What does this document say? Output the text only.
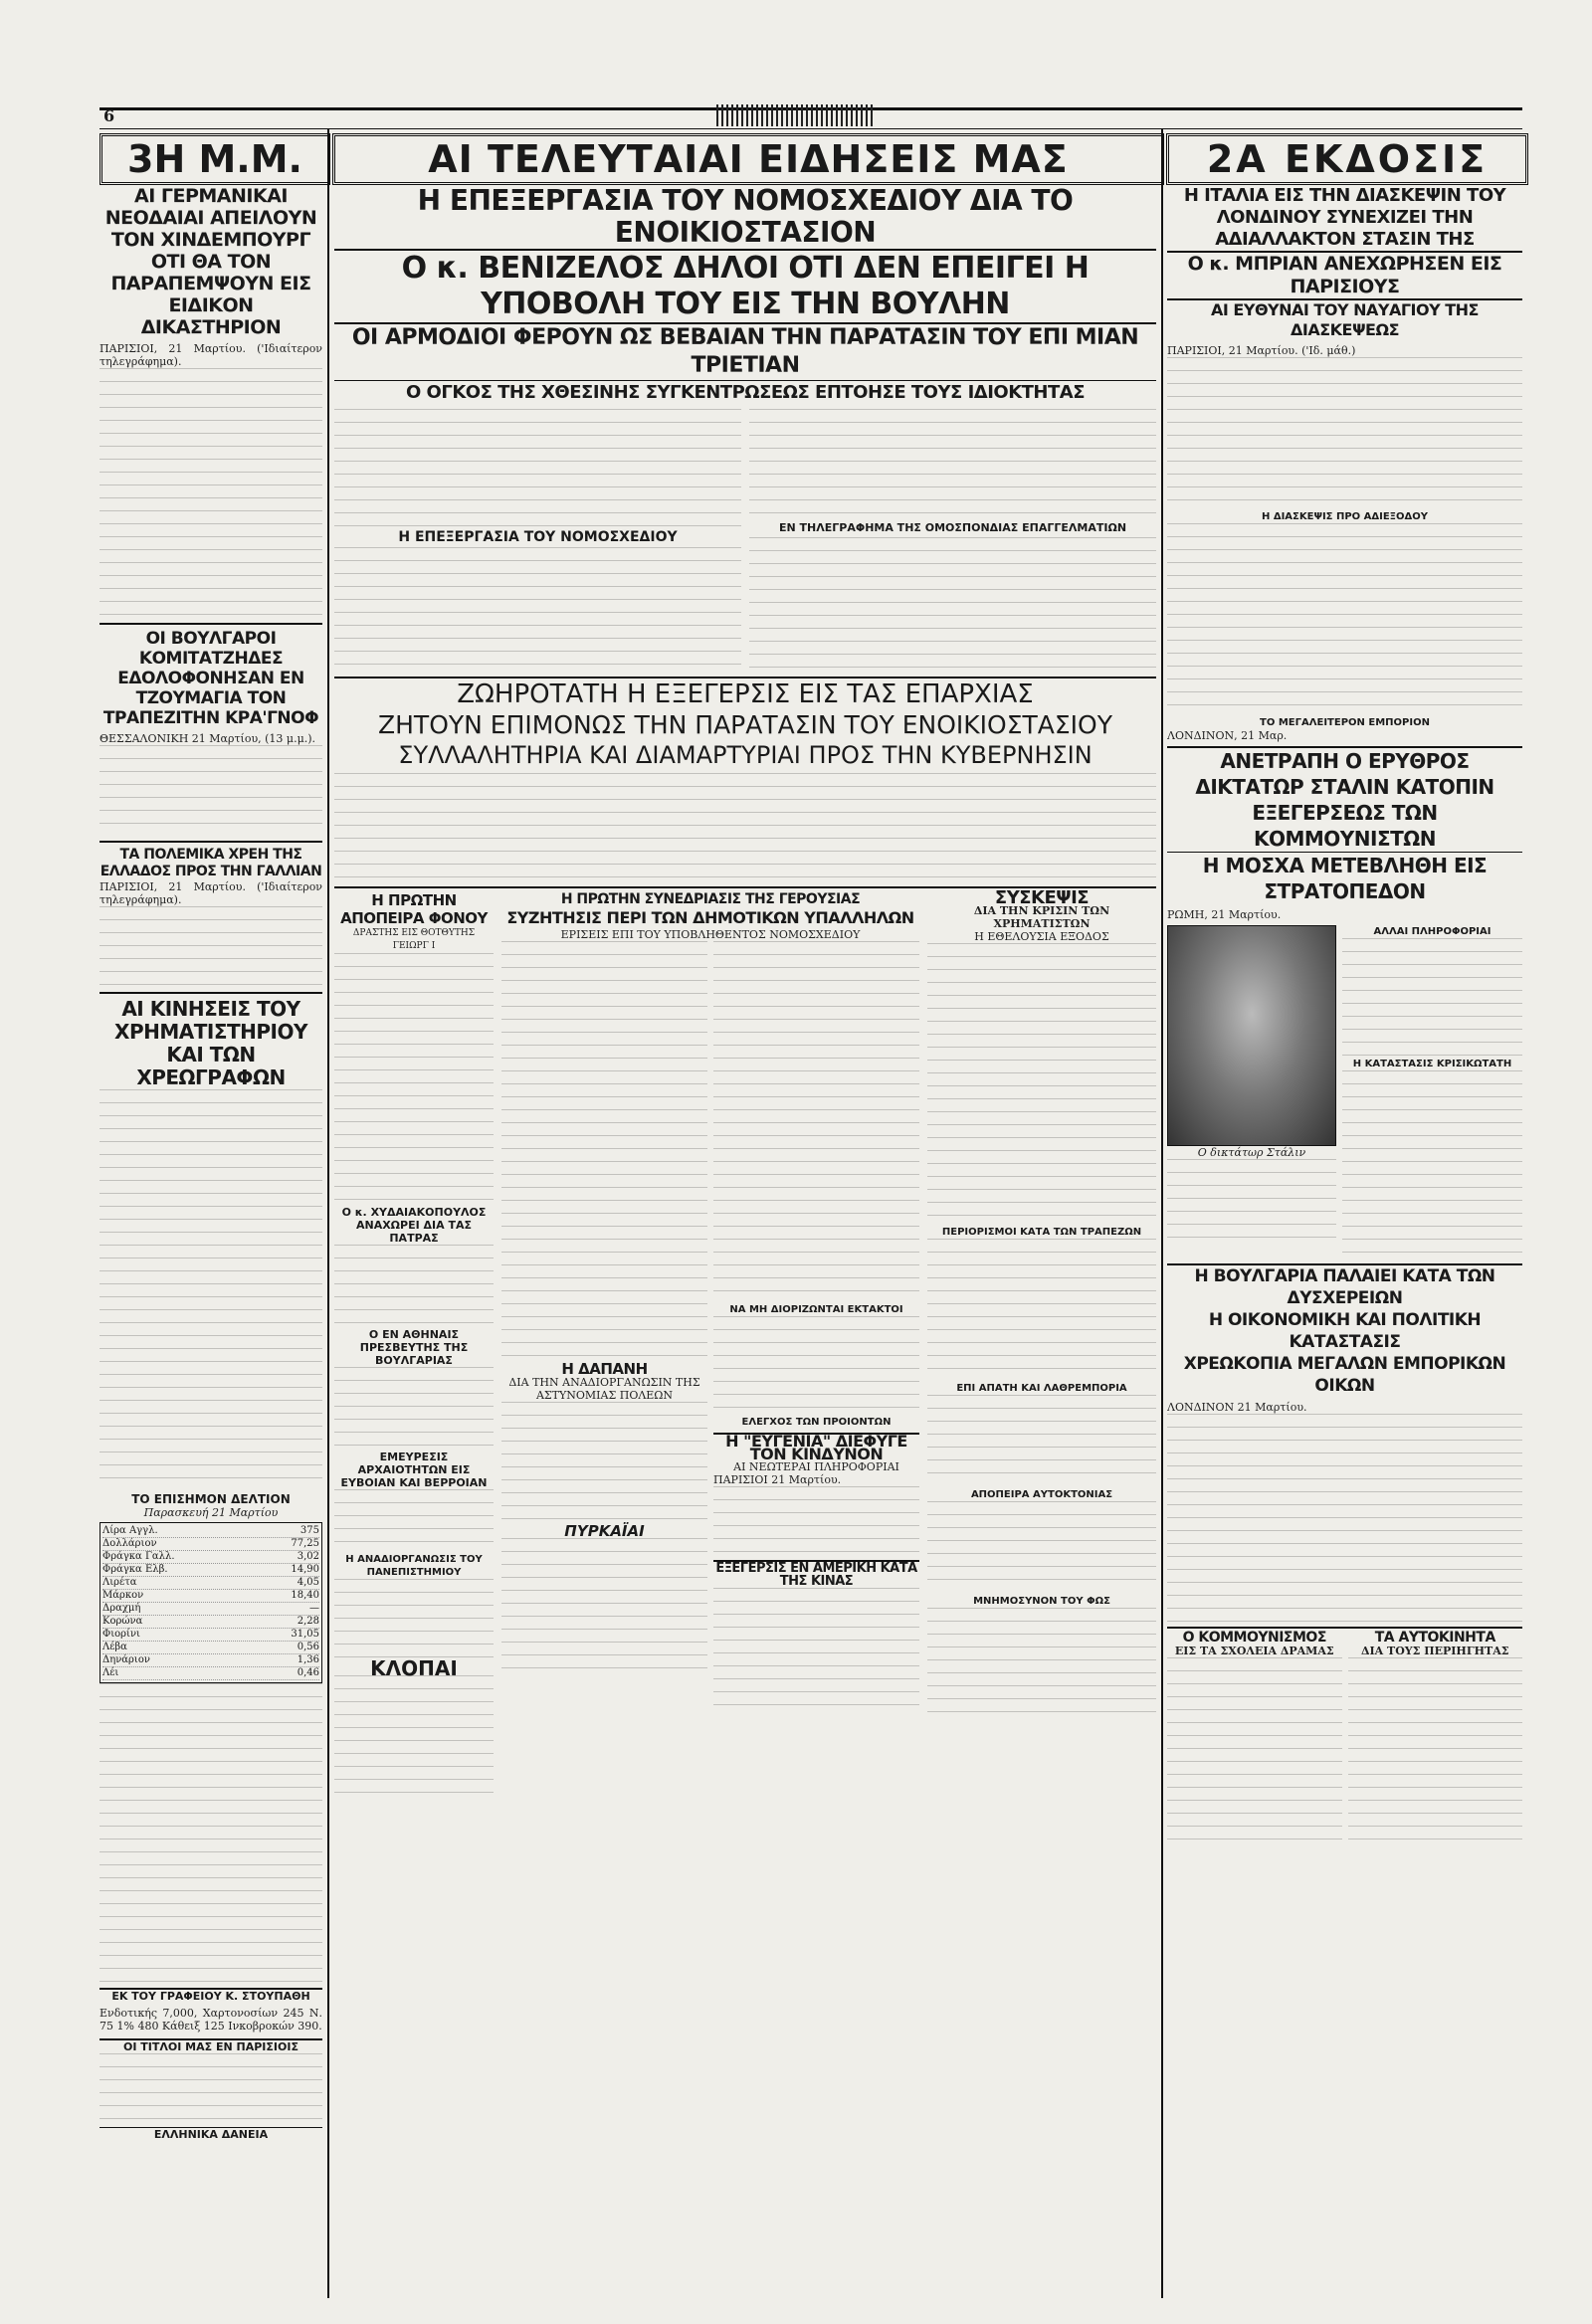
6
3Η Μ.Μ.	ΑΙ ΤΕΛΕΥΤΑΙΑΙ ΕΙΔΗΣΕΙΣ ΜΑΣ	2Α ΕΚΔΟΣΙΣ
ΑΙ ΓΕΡΜΑΝΙΚΑΙ ΝΕΟΔΑΙΑΙ ΑΠΕΙΛΟΥΝ ΤΟΝ ΧΙΝΔΕΜΠΟΥΡΓ ΟΤΙ ΘΑ ΤΟΝ ΠΑΡΑΠΕΜΨΟΥΝ ΕΙΣ ΕΙΔΙΚΟΝ ΔΙΚΑΣΤΗΡΙΟΝ
ΠΑΡΙΣΙΟΙ, 21 Μαρτίου. ('Ιδιαίτερον τηλεγράφημα).
ΟΙ ΒΟΥΛΓΑΡΟΙ ΚΟΜΙΤΑΤΖΗΔΕΣ ΕΔΟΛΟΦΟΝΗΣΑΝ ΕΝ ΤΖΟΥΜΑΓΙΑ ΤΟΝ ΤΡΑΠΕΖΙΤΗΝ ΚΡΑ'ΓΝΟΦ
ΘΕΣΣΑΛΟΝΙΚΗ 21 Μαρτίου, (13 μ.μ.).
ΤΑ ΠΟΛΕΜΙΚΑ ΧΡΕΗ ΤΗΣ ΕΛΛΑΔΟΣ ΠΡΟΣ ΤΗΝ ΓΑΛΛΙΑΝ
ΠΑΡΙΣΙΟΙ, 21 Μαρτίου. ('Ιδιαίτερον τηλεγράφημα).
ΑΙ ΚΙΝΗΣΕΙΣ ΤΟΥ ΧΡΗΜΑΤΙΣΤΗΡΙΟΥ ΚΑΙ ΤΩΝ ΧΡΕΩΓΡΑΦΩΝ
ΤΟ ΕΠΙΣΗΜΟΝ ΔΕΛΤΙΟΝ
Παρασκευή 21 Μαρτίου
Λίρα Αγγλ.	375
Δολλάριον	77,25
Φράγκα Γαλλ.	3,02
Φράγκα Ελβ.	14,90
Λιρέτα	4,05
Μάρκον	18,40
Δραχμή	—
Κορώνα	2,28
Φιορίνι	31,05
Λέβα	0,56
Δηνάριον	1,36
Λέι	0,46
ΕΚ ΤΟΥ ΓΡΑΦΕΙΟΥ Κ. ΣΤΟΥΠΑΘΗ
Ενδοτικής 7,000, Χαρτονοσίων 245 Ν. 75 1% 480 Κάθειξ 125 Ινκοβροκών 390.
ΟΙ ΤΙΤΛΟΙ ΜΑΣ ΕΝ ΠΑΡΙΣΙΟΙΣ
ΕΛΛΗΝΙΚΑ ΔΑΝΕΙΑ
Η ΕΠΕΞΕΡΓΑΣΙΑ ΤΟΥ ΝΟΜΟΣΧΕΔΙΟΥ ΔΙΑ ΤΟ ΕΝΟΙΚΙΟΣΤΑΣΙΟΝ
Ο κ. ΒΕΝΙΖΕΛΟΣ ΔΗΛΟΙ ΟΤΙ ΔΕΝ ΕΠΕΙΓΕΙ Η ΥΠΟΒΟΛΗ ΤΟΥ ΕΙΣ ΤΗΝ ΒΟΥΛΗΝ
ΟΙ ΑΡΜΟΔΙΟΙ ΦΕΡΟΥΝ ΩΣ ΒΕΒΑΙΑΝ ΤΗΝ ΠΑΡΑΤΑΣΙΝ ΤΟΥ ΕΠΙ ΜΙΑΝ ΤΡΙΕΤΙΑΝ
Ο ΟΓΚΟΣ ΤΗΣ ΧΘΕΣΙΝΗΣ ΣΥΓΚΕΝΤΡΩΣΕΩΣ ΕΠΤΟΗΣΕ ΤΟΥΣ ΙΔΙΟΚΤΗΤΑΣ
Η ΕΠΕΞΕΡΓΑΣΙΑ ΤΟΥ ΝΟΜΟΣΧΕΔΙΟΥ
ΕΝ ΤΗΛΕΓΡΑΦΗΜΑ ΤΗΣ ΟΜΟΣΠΟΝΔΙΑΣ ΕΠΑΓΓΕΛΜΑΤΙΩΝ
ΖΩΗΡΟΤΑΤΗ Η ΕΞΕΓΕΡΣΙΣ ΕΙΣ ΤΑΣ ΕΠΑΡΧΙΑΣ
ΖΗΤΟΥΝ ΕΠΙΜΟΝΩΣ ΤΗΝ ΠΑΡΑΤΑΣΙΝ ΤΟΥ ΕΝΟΙΚΙΟΣΤΑΣΙΟΥ
ΣΥΛΛΑΛΗΤΗΡΙΑ ΚΑΙ ΔΙΑΜΑΡΤΥΡΙΑΙ ΠΡΟΣ ΤΗΝ ΚΥΒΕΡΝΗΣΙΝ
Η ΠΡΩΤΗΝ ΑΠΟΠΕΙΡΑ ΦΟΝΟΥ
ΔΡΑΣΤΗΣ ΕΙΣ ΘΟΤΘΥΤΗΣ ΓΕΙΩΡΓ Ι
Ο κ. ΧΥΔΑΙΑΚΟΠΟΥΛΟΣ ΑΝΑΧΩΡΕΙ ΔΙΑ ΤΑΣ ΠΑΤΡΑΣ
Ο ΕΝ ΑΘΗΝΑΙΣ ΠΡΕΣΒΕΥΤΗΣ ΤΗΣ ΒΟΥΛΓΑΡΙΑΣ
ΕΜΕΥΡΕΣΙΣ ΑΡΧΑΙΟΤΗΤΩΝ ΕΙΣ ΕΥΒΟΙΑΝ ΚΑΙ ΒΕΡΡΟΙΑΝ
Η ΑΝΑΔΙΟΡΓΑΝΩΣΙΣ ΤΟΥ ΠΑΝΕΠΙΣΤΗΜΙΟΥ
ΚΛΟΠΑΙ
Η ΠΡΩΤΗΝ ΣΥΝΕΔΡΙΑΣΙΣ ΤΗΣ ΓΕΡΟΥΣΙΑΣ
ΣΥΖΗΤΗΣΙΣ ΠΕΡΙ ΤΩΝ ΔΗΜΟΤΙΚΩΝ ΥΠΑΛΛΗΛΩΝ
ΕΡΙΣΕΙΣ ΕΠΙ ΤΟΥ ΥΠΟΒΛΗΘΕΝΤΟΣ ΝΟΜΟΣΧΕΔΙΟΥ
Η ΔΑΠΑΝΗ
ΔΙΑ ΤΗΝ ΑΝΑΔΙΟΡΓΑΝΩΣΙΝ ΤΗΣ ΑΣΤΥΝΟΜΙΑΣ ΠΟΛΕΩΝ
ΠΥΡΚΑΪΑΙ
ΝΑ ΜΗ ΔΙΟΡΙΖΩΝΤΑΙ ΕΚΤΑΚΤΟΙ
ΕΛΕΓΧΟΣ ΤΩΝ ΠΡΟΙΟΝΤΩΝ
Η "ΕΥΓΕΝΙΑ" ΔΙΕΦΥΓΕ ΤΟΝ ΚΙΝΔΥΝΟΝ
ΑΙ ΝΕΩΤΕΡΑΙ ΠΛΗΡΟΦΟΡΙΑΙ
ΠΑΡΙΣΙΟΙ 21 Μαρτίου.
ΕΞΕΓΕΡΣΙΣ ΕΝ ΑΜΕΡΙΚΗ ΚΑΤΑ ΤΗΣ ΚΙΝΑΣ
ΣΥΣΚΕΨΙΣ
ΔΙΑ ΤΗΝ ΚΡΙΣΙΝ ΤΩΝ ΧΡΗΜΑΤΙΣΤΩΝ
Η ΕΘΕΛΟΥΣΙΑ ΕΞΟΔΟΣ
ΠΕΡΙΟΡΙΣΜΟΙ ΚΑΤΑ ΤΩΝ ΤΡΑΠΕΖΩΝ
ΕΠΙ ΑΠΑΤΗ ΚΑΙ ΛΑΘΡΕΜΠΟΡΙΑ
ΑΠΟΠΕΙΡΑ ΑΥΤΟΚΤΟΝΙΑΣ
ΜΝΗΜΟΣΥΝΟΝ ΤΟΥ ΦΩΣ
Η ΙΤΑΛΙΑ ΕΙΣ ΤΗΝ ΔΙΑΣΚΕΨΙΝ ΤΟΥ ΛΟΝΔΙΝΟΥ ΣΥΝΕΧΙΖΕΙ ΤΗΝ ΑΔΙΑΛΛΑΚΤΟΝ ΣΤΑΣΙΝ ΤΗΣ
Ο κ. ΜΠΡΙΑΝ ΑΝΕΧΩΡΗΣΕΝ ΕΙΣ ΠΑΡΙΣΙΟΥΣ
ΑΙ ΕΥΘΥΝΑΙ ΤΟΥ ΝΑΥΑΓΙΟΥ ΤΗΣ ΔΙΑΣΚΕΨΕΩΣ
ΠΑΡΙΣΙΟΙ, 21 Μαρτίου. ('Ιδ. μάθ.)
Η ΔΙΑΣΚΕΨΙΣ ΠΡΟ ΑΔΙΕΞΟΔΟΥ
ΤΟ ΜΕΓΑΛΕΙΤΕΡΟΝ ΕΜΠΟΡΙΟΝ
ΛΟΝΔΙΝΟΝ, 21 Μαρ.
ΑΝΕΤΡΑΠΗ Ο ΕΡΥΘΡΟΣ ΔΙΚΤΑΤΩΡ ΣΤΑΛΙΝ ΚΑΤΟΠΙΝ ΕΞΕΓΕΡΣΕΩΣ ΤΩΝ ΚΟΜΜΟΥΝΙΣΤΩΝ
Η ΜΟΣΧΑ ΜΕΤΕΒΛΗΘΗ ΕΙΣ ΣΤΡΑΤΟΠΕΔΟΝ
ΡΩΜΗ, 21 Μαρτίου.
Ο δικτάτωρ Στάλιν
ΑΛΛΑΙ ΠΛΗΡΟΦΟΡΙΑΙ
Η ΚΑΤΑΣΤΑΣΙΣ ΚΡΙΣΙΚΩΤΑΤΗ
Η ΒΟΥΛΓΑΡΙΑ ΠΑΛΑΙΕΙ ΚΑΤΑ ΤΩΝ ΔΥΣΧΕΡΕΙΩΝ
Η ΟΙΚΟΝΟΜΙΚΗ ΚΑΙ ΠΟΛΙΤΙΚΗ ΚΑΤΑΣΤΑΣΙΣ
ΧΡΕΩΚΟΠΙΑ ΜΕΓΑΛΩΝ ΕΜΠΟΡΙΚΩΝ ΟΙΚΩΝ
ΛΟΝΔΙΝΟΝ 21 Μαρτίου.
Ο ΚΟΜΜΟΥΝΙΣΜΟΣ
ΕΙΣ ΤΑ ΣΧΟΛΕΙΑ ΔΡΑΜΑΣ
ΤΑ ΑΥΤΟΚΙΝΗΤΑ
ΔΙΑ ΤΟΥΣ ΠΕΡΙΗΓΗΤΑΣ
